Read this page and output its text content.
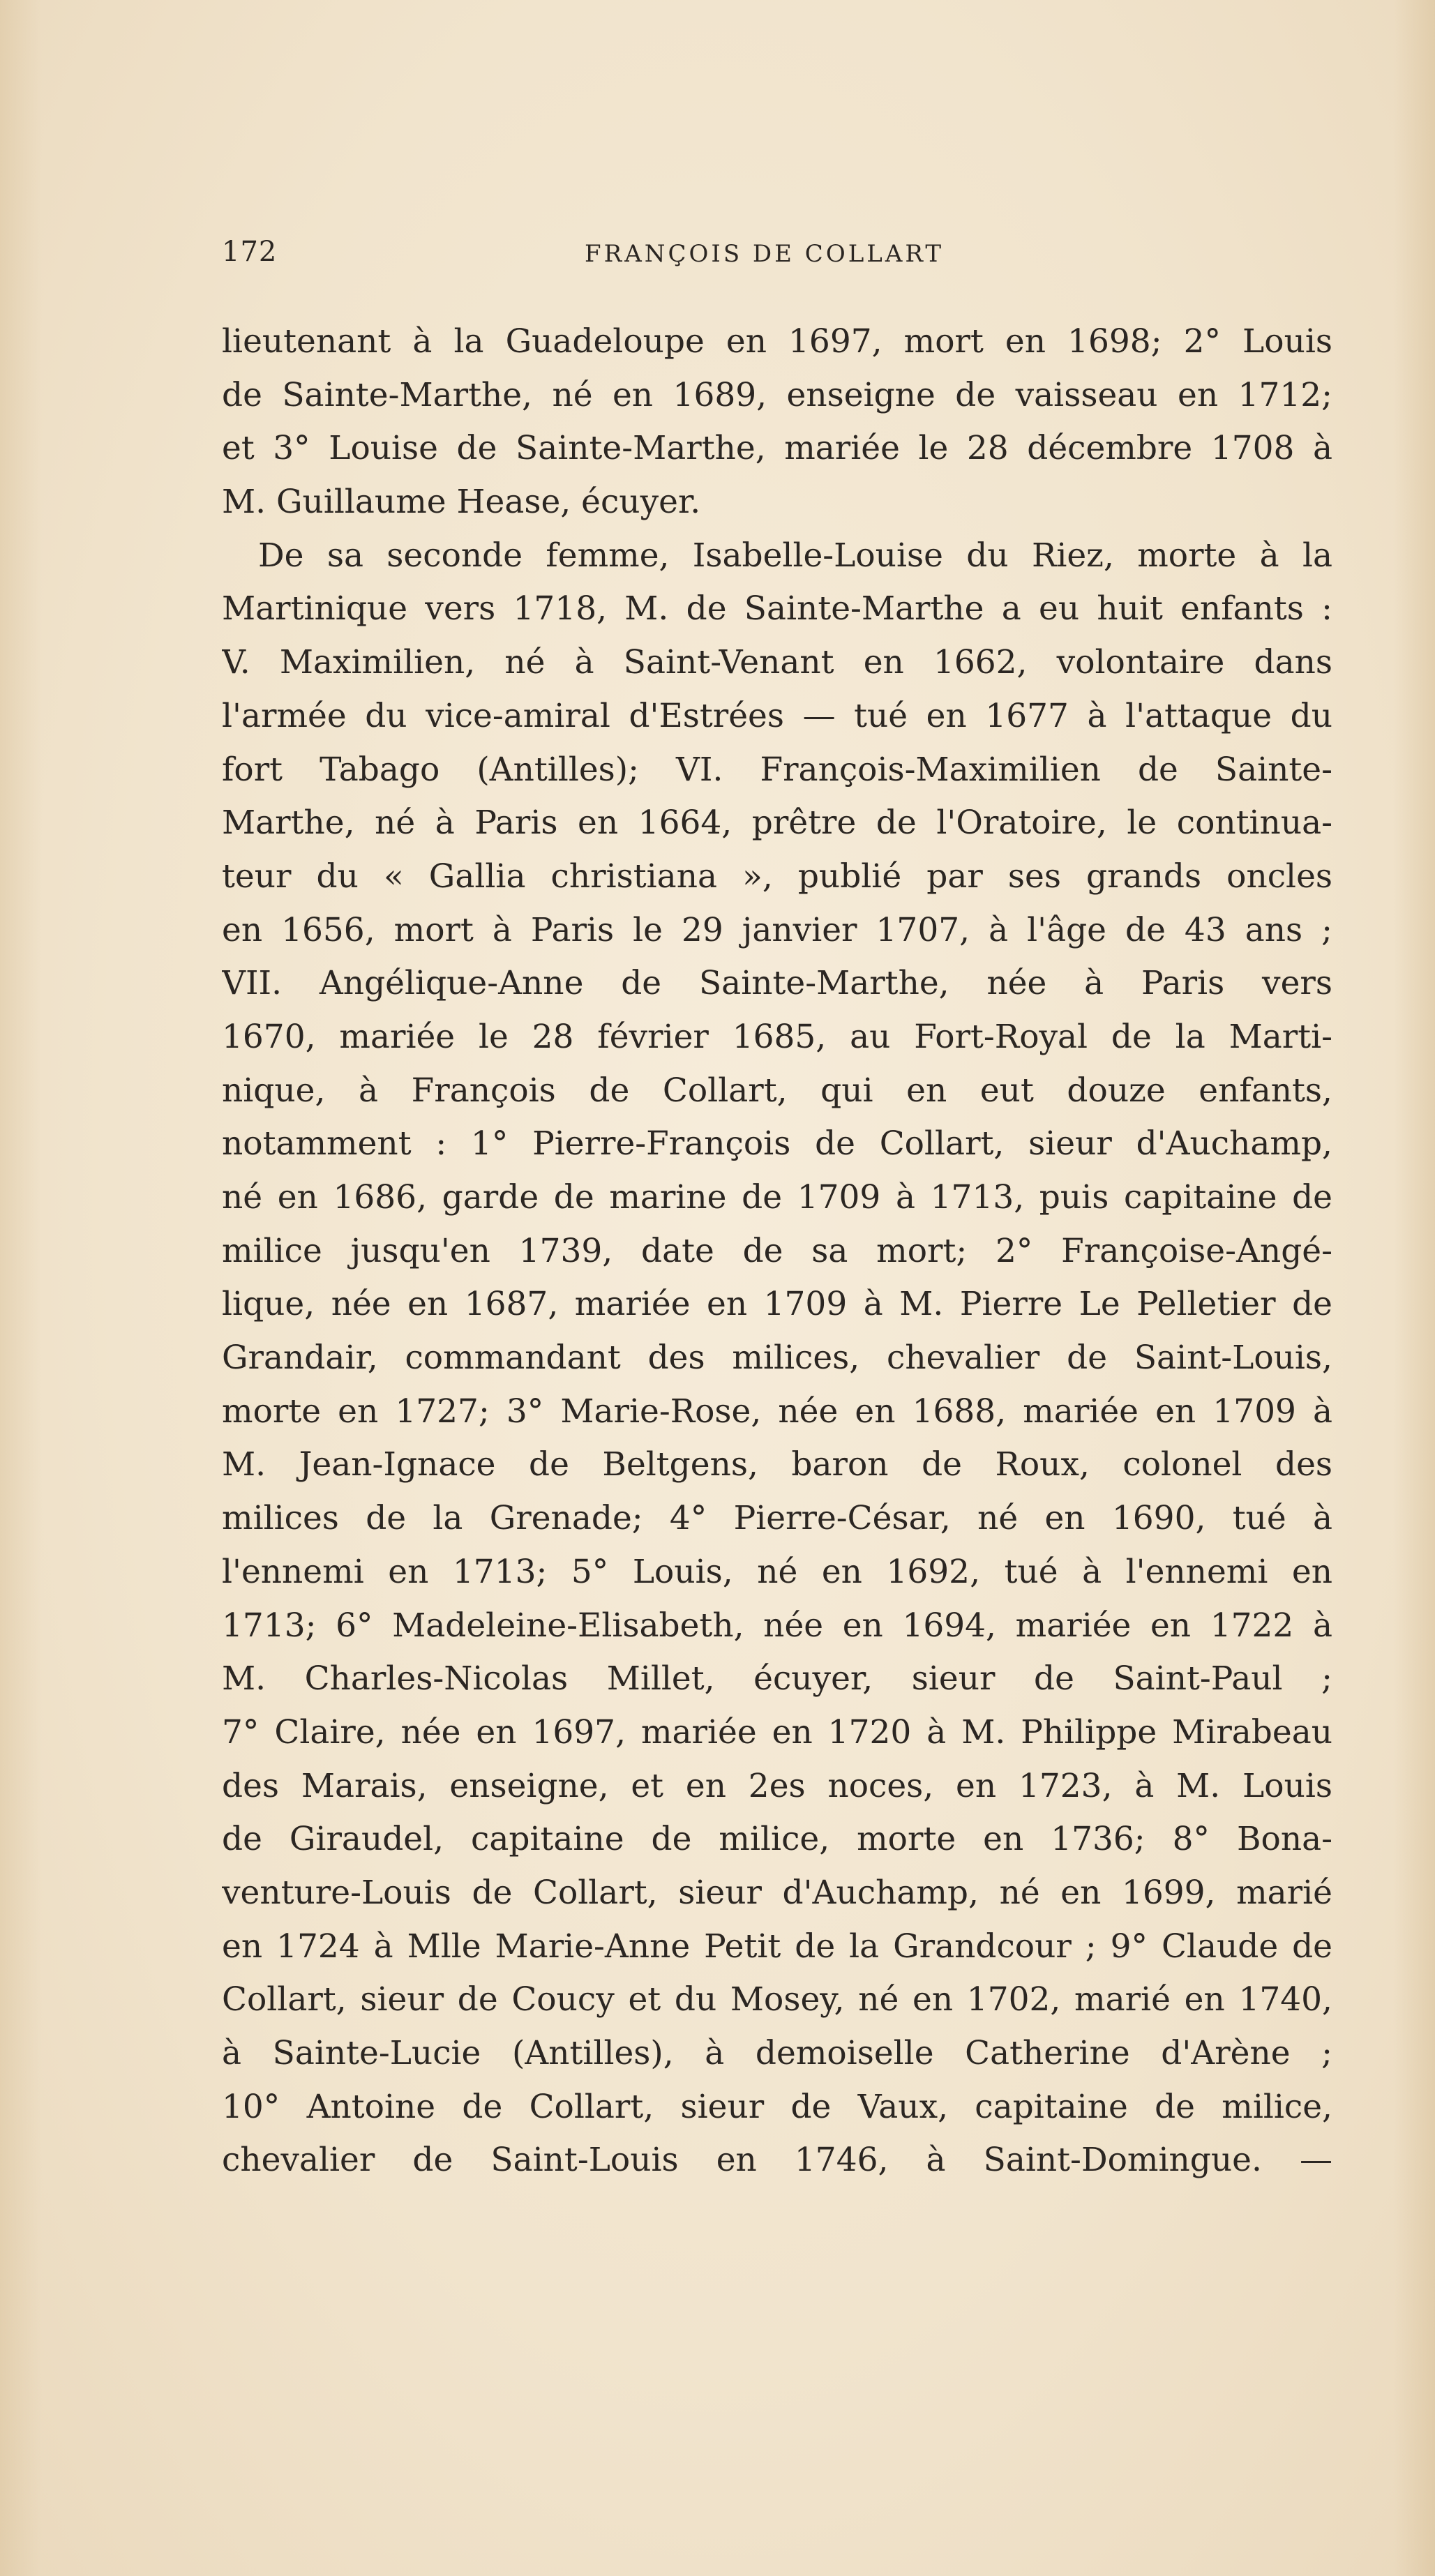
172	FRANÇOIS DE COLLART
lieutenant à la Guadeloupe en 1697, mort en 1698; 2° Louis
de Sainte-Marthe, né en 1689, enseigne de vaisseau en 1712;
et 3° Louise de Sainte-Marthe, mariée le 28 décembre 1708 à
M. Guillaume Hease, écuyer.
De sa seconde femme, Isabelle-Louise du Riez, morte à la
Martinique vers 1718, M. de Sainte-Marthe a eu huit enfants :
V. Maximilien, né à Saint-Venant en 1662, volontaire dans
l'armée du vice-amiral d'Estrées — tué en 1677 à l'attaque du
fort Tabago (Antilles); VI. François-Maximilien de Sainte-
Marthe, né à Paris en 1664, prêtre de l'Oratoire, le continua-
teur du « Gallia christiana », publié par ses grands oncles
en 1656, mort à Paris le 29 janvier 1707, à l'âge de 43 ans ;
VII. Angélique-Anne de Sainte-Marthe, née à Paris vers
1670, mariée le 28 février 1685, au Fort-Royal de la Marti-
nique, à François de Collart, qui en eut douze enfants,
notamment : 1° Pierre-François de Collart, sieur d'Auchamp,
né en 1686, garde de marine de 1709 à 1713, puis capitaine de
milice jusqu'en 1739, date de sa mort; 2° Françoise-Angé-
lique, née en 1687, mariée en 1709 à M. Pierre Le Pelletier de
Grandair, commandant des milices, chevalier de Saint-Louis,
morte en 1727; 3° Marie-Rose, née en 1688, mariée en 1709 à
M. Jean-Ignace de Beltgens, baron de Roux, colonel des
milices de la Grenade; 4° Pierre-César, né en 1690, tué à
l'ennemi en 1713; 5° Louis, né en 1692, tué à l'ennemi en
1713; 6° Madeleine-Elisabeth, née en 1694, mariée en 1722 à
M. Charles-Nicolas Millet, écuyer, sieur de Saint-Paul ;
7° Claire, née en 1697, mariée en 1720 à M. Philippe Mirabeau
des Marais, enseigne, et en 2es noces, en 1723, à M. Louis
de Giraudel, capitaine de milice, morte en 1736; 8° Bona-
venture-Louis de Collart, sieur d'Auchamp, né en 1699, marié
en 1724 à Mlle Marie-Anne Petit de la Grandcour ; 9° Claude de
Collart, sieur de Coucy et du Mosey, né en 1702, marié en 1740,
à Sainte-Lucie (Antilles), à demoiselle Catherine d'Arène ;
10° Antoine de Collart, sieur de Vaux, capitaine de milice,
chevalier de Saint-Louis en 1746, à Saint-Domingue. —
